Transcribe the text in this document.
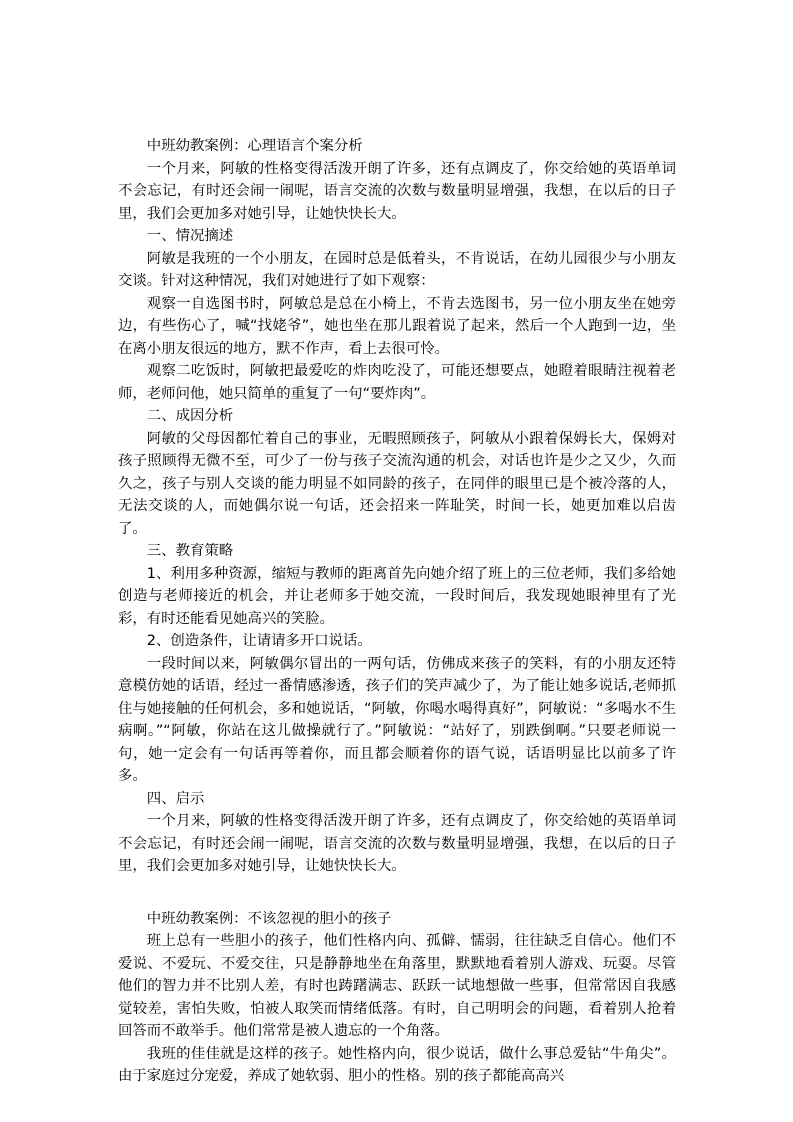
中班幼教案例：心理语言个案分析

一个月来，阿敏的性格变得活泼开朗了许多，还有点调皮了，你交给她的英语单词不会忘记，有时还会闹一闹呢，语言交流的次数与数量明显增强，我想，在以后的日子里，我们会更加多对她引导，让她快快长大。

一、情况摘述

阿敏是我班的一个小朋友，在园时总是低着头，不肯说话，在幼儿园很少与小朋友交谈。针对这种情况，我们对她进行了如下观察：

观察一自选图书时，阿敏总是总在小椅上，不肯去选图书，另一位小朋友坐在她旁边，有些伤心了，喊“找姥爷”，她也坐在那儿跟着说了起来，然后一个人跑到一边，坐在离小朋友很远的地方，默不作声，看上去很可怜。

观察二吃饭时，阿敏把最爱吃的炸肉吃没了，可能还想要点，她瞪着眼睛注视着老师，老师问他，她只简单的重复了一句“要炸肉”。

二、成因分析

阿敏的父母因都忙着自己的事业，无暇照顾孩子，阿敏从小跟着保姆长大，保姆对孩子照顾得无微不至，可少了一份与孩子交流沟通的机会，对话也许是少之又少，久而久之，孩子与别人交谈的能力明显不如同龄的孩子，在同伴的眼里已是个被冷落的人，无法交谈的人，而她偶尔说一句话，还会招来一阵耻笑，时间一长，她更加难以启齿了。

三、教育策略

1、利用多种资源，缩短与教师的距离首先向她介绍了班上的三位老师，我们多给她创造与老师接近的机会，并让老师多于她交流，一段时间后，我发现她眼神里有了光彩，有时还能看见她高兴的笑脸。

2、创造条件，让请请多开口说话。

一段时间以来，阿敏偶尔冒出的一两句话，仿佛成来孩子的笑料，有的小朋友还特意模仿她的话语，经过一番情感渗透，孩子们的笑声减少了，为了能让她多说话,老师抓住与她接触的任何机会，多和她说话，“阿敏，你喝水喝得真好”，阿敏说：“多喝水不生病啊。”“阿敏，你站在这儿做操就行了。”阿敏说：“站好了，别跌倒啊。”只要老师说一句，她一定会有一句话再等着你，而且都会顺着你的语气说，话语明显比以前多了许多。

四、启示

一个月来，阿敏的性格变得活泼开朗了许多，还有点调皮了，你交给她的英语单词不会忘记，有时还会闹一闹呢，语言交流的次数与数量明显增强，我想，在以后的日子里，我们会更加多对她引导，让她快快长大。

中班幼教案例：不该忽视的胆小的孩子

班上总有一些胆小的孩子，他们性格内向、孤僻、懦弱，往往缺乏自信心。他们不爱说、不爱玩、不爱交往，只是静静地坐在角落里，默默地看着别人游戏、玩耍。尽管他们的智力并不比别人差，有时也踌躇满志、跃跃一试地想做一些事，但常常因自我感觉较差，害怕失败，怕被人取笑而情绪低落。有时，自己明明会的问题，看着别人抢着回答而不敢举手。他们常常是被人遗忘的一个角落。

我班的佳佳就是这样的孩子。她性格内向，很少说话，做什么事总爱钻“牛角尖”。由于家庭过分宠爱，养成了她软弱、胆小的性格。别的孩子都能高高兴
